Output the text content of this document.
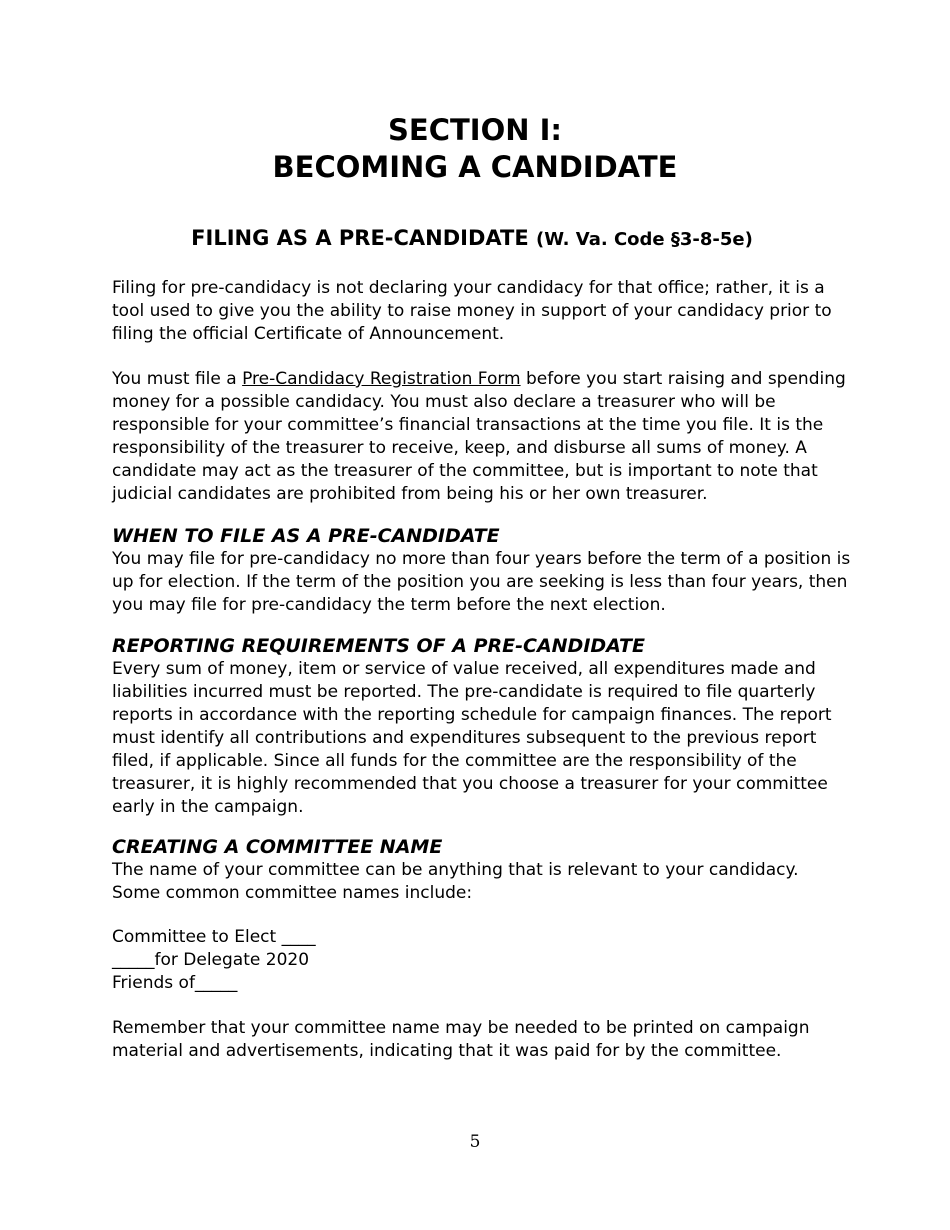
SECTION I:
BECOMING A CANDIDATE
FILING AS A PRE-CANDIDATE (W. Va. Code §3-8-5e)

Filing for pre-candidacy is not declaring your candidacy for that office; rather, it is a tool used to give you the ability to raise money in support of your candidacy prior to filing the official Certificate of Announcement.

You must file a Pre-Candidacy Registration Form before you start raising and spending money for a possible candidacy. You must also declare a treasurer who will be responsible for your committee’s financial transactions at the time you file. It is the responsibility of the treasurer to receive, keep, and disburse all sums of money. A candidate may act as the treasurer of the committee, but is important to note that judicial candidates are prohibited from being his or her own treasurer.

WHEN TO FILE AS A PRE-CANDIDATE

You may file for pre-candidacy no more than four years before the term of a position is up for election. If the term of the position you are seeking is less than four years, then you may file for pre-candidacy the term before the next election.

REPORTING REQUIREMENTS OF A PRE-CANDIDATE

Every sum of money, item or service of value received, all expenditures made and liabilities incurred must be reported. The pre-candidate is required to file quarterly reports in accordance with the reporting schedule for campaign finances. The report must identify all contributions and expenditures subsequent to the previous report filed, if applicable. Since all funds for the committee are the responsibility of the treasurer, it is highly recommended that you choose a treasurer for your committee early in the campaign.

CREATING A COMMITTEE NAME

The name of your committee can be anything that is relevant to your candidacy. Some common committee names include:

Committee to Elect ____

_____for Delegate 2020

Friends of_____

Remember that your committee name may be needed to be printed on campaign material and advertisements, indicating that it was paid for by the committee.

5
